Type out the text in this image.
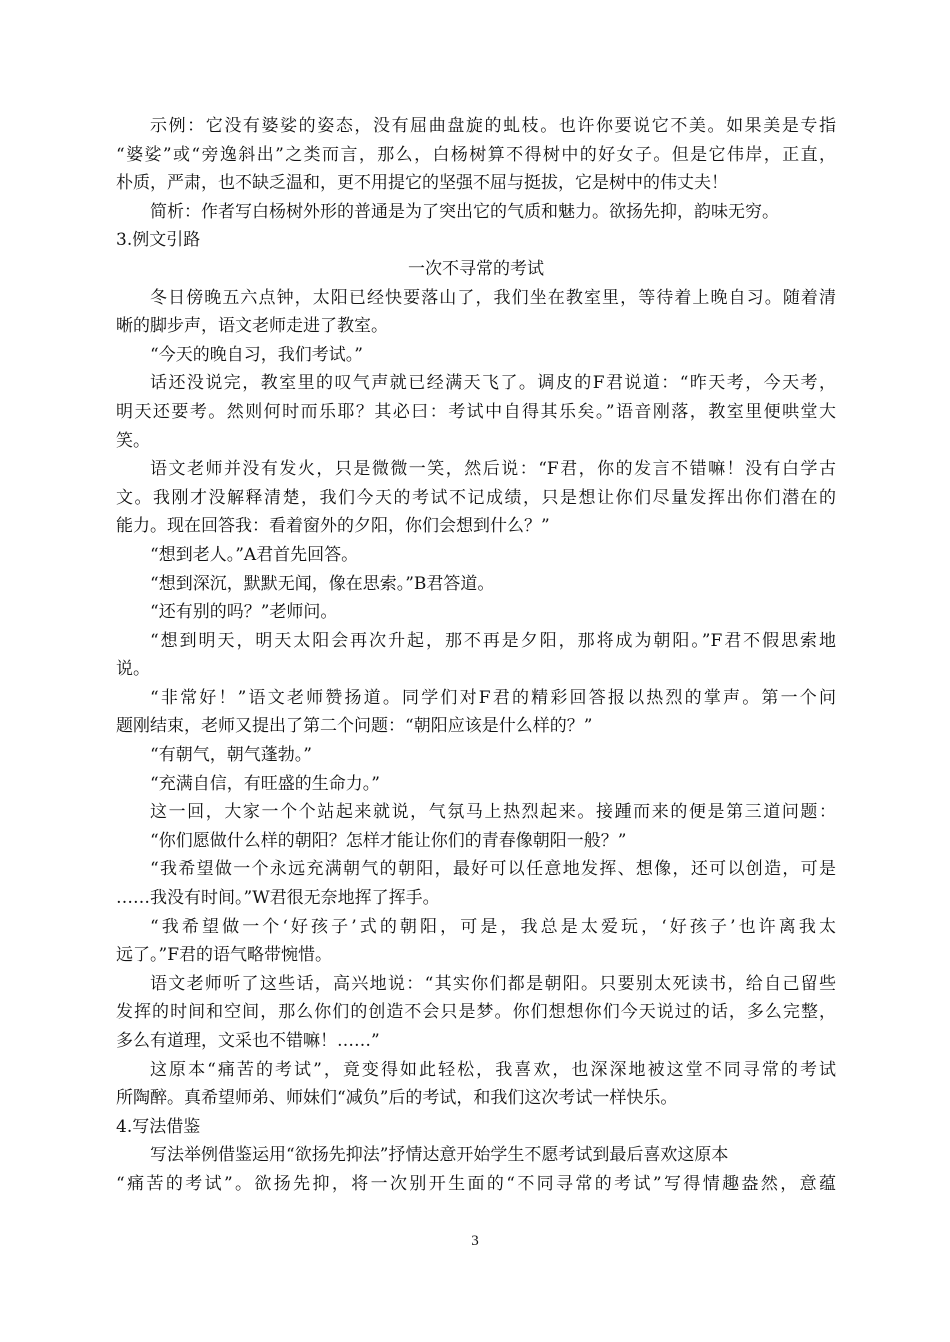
示例：它没有婆娑的姿态，没有屈曲盘旋的虬枝。也许你要说它不美。如果美是专指
“婆娑”或“旁逸斜出”之类而言，那么，白杨树算不得树中的好女子。但是它伟岸，正直，
朴质，严肃，也不缺乏温和，更不用提它的坚强不屈与挺拔，它是树中的伟丈夫！
简析：作者写白杨树外形的普通是为了突出它的气质和魅力。欲扬先抑，韵味无穷。
3.例文引路
一次不寻常的考试
冬日傍晚五六点钟，太阳已经快要落山了，我们坐在教室里，等待着上晚自习。随着清
晰的脚步声，语文老师走进了教室。
“今天的晚自习，我们考试。”
话还没说完，教室里的叹气声就已经满天飞了。调皮的F君说道：“昨天考，今天考，
明天还要考。然则何时而乐耶？其必曰：考试中自得其乐矣。”语音刚落，教室里便哄堂大
笑。
语文老师并没有发火，只是微微一笑，然后说：“F君，你的发言不错嘛！没有白学古
文。我刚才没解释清楚，我们今天的考试不记成绩，只是想让你们尽量发挥出你们潜在的
能力。现在回答我：看着窗外的夕阳，你们会想到什么？”
“想到老人。”A君首先回答。
“想到深沉，默默无闻，像在思索。”B君答道。
“还有别的吗？”老师问。
“想到明天，明天太阳会再次升起，那不再是夕阳，那将成为朝阳。”F君不假思索地
说。
“非常好！”语文老师赞扬道。同学们对F君的精彩回答报以热烈的掌声。第一个问
题刚结束，老师又提出了第二个问题：“朝阳应该是什么样的？”
“有朝气，朝气蓬勃。”
“充满自信，有旺盛的生命力。”
这一回，大家一个个站起来就说，气氛马上热烈起来。接踵而来的便是第三道问题：
“你们愿做什么样的朝阳？怎样才能让你们的青春像朝阳一般？”
“我希望做一个永远充满朝气的朝阳，最好可以任意地发挥、想像，还可以创造，可是
……我没有时间。”W君很无奈地挥了挥手。
“我希望做一个‘好孩子’式的朝阳，可是，我总是太爱玩，‘好孩子’也许离我太
远了。”F君的语气略带惋惜。
语文老师听了这些话，高兴地说：“其实你们都是朝阳。只要别太死读书，给自己留些
发挥的时间和空间，那么你们的创造不会只是梦。你们想想你们今天说过的话，多么完整，
多么有道理，文采也不错嘛！……”
这原本“痛苦的考试”，竟变得如此轻松，我喜欢，也深深地被这堂不同寻常的考试
所陶醉。真希望师弟、师妹们“减负”后的考试，和我们这次考试一样快乐。
4.写法借鉴
写法举例借鉴运用“欲扬先抑法”抒情达意开始学生不愿考试到最后喜欢这原本
“痛苦的考试”。欲扬先抑，将一次别开生面的“不同寻常的考试”写得情趣盎然，意蕴
3
